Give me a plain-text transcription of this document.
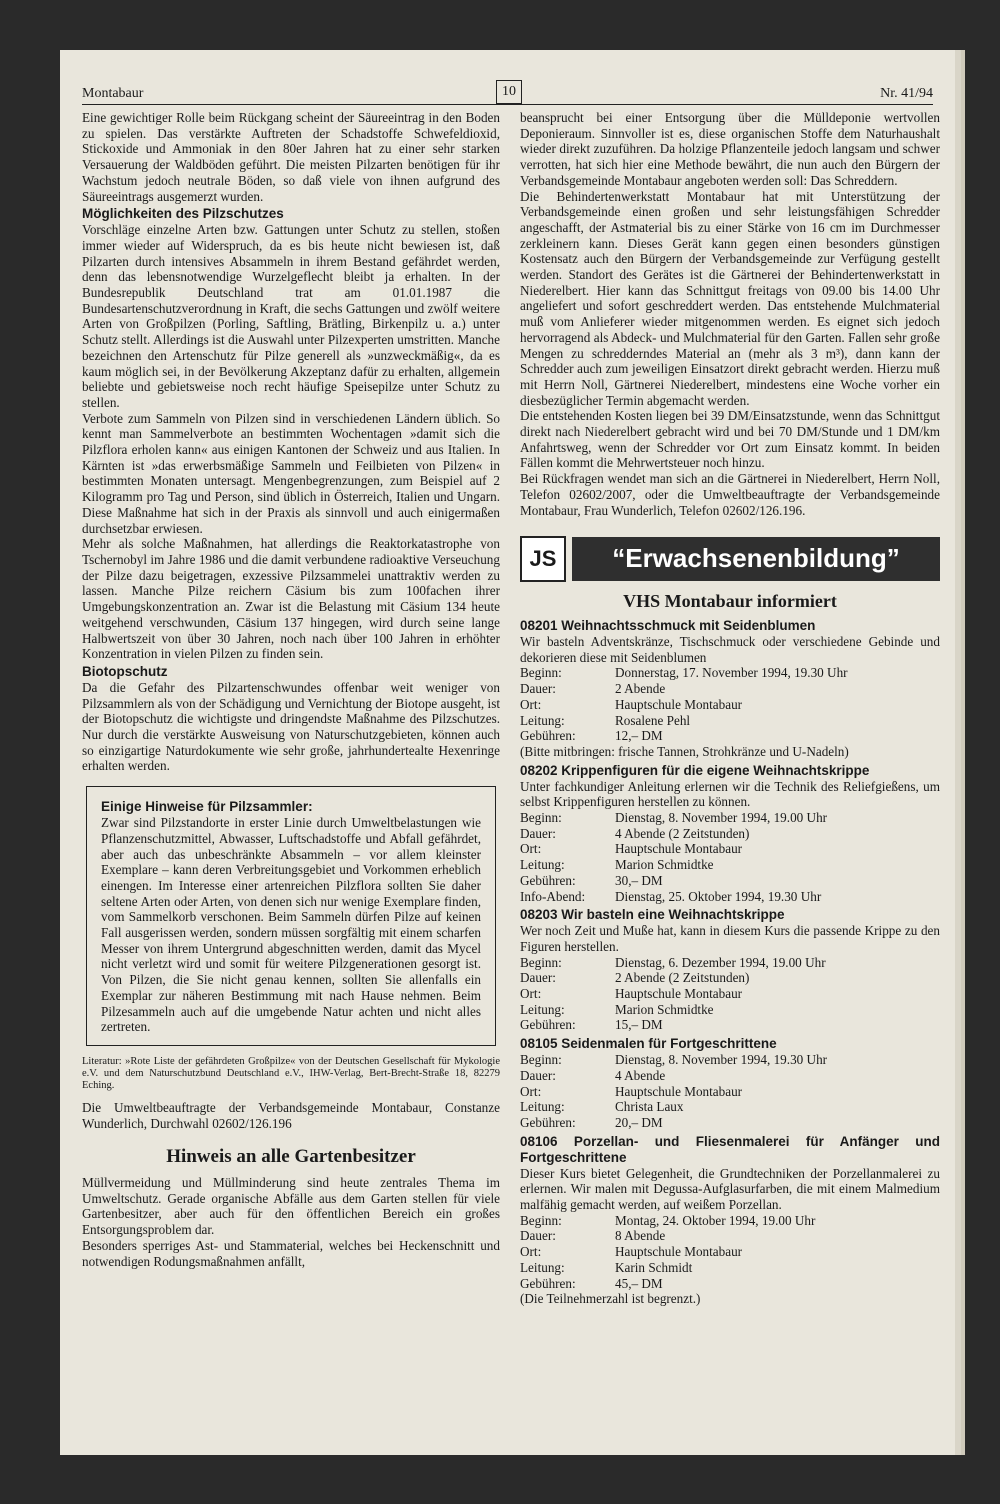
Montabaur	10	Nr. 41/94

Eine gewichtiger Rolle beim Rückgang scheint der Säureeintrag in den Boden zu spielen. Das verstärkte Auftreten der Schadstoffe Schwefeldioxid, Stickoxide und Ammoniak in den 80er Jahren hat zu einer sehr starken Versauerung der Waldböden geführt. Die meisten Pilzarten benötigen für ihr Wachstum jedoch neutrale Böden, so daß viele von ihnen aufgrund des Säureeintrags ausgemerzt wurden.

Möglichkeiten des Pilzschutzes

Vorschläge einzelne Arten bzw. Gattungen unter Schutz zu stellen, stoßen immer wieder auf Widerspruch, da es bis heute nicht bewiesen ist, daß Pilzarten durch intensives Absammeln in ihrem Bestand gefährdet werden, denn das lebensnotwendige Wurzelgeflecht bleibt ja erhalten. In der Bundesrepublik Deutschland trat am 01.01.1987 die Bundesartenschutzverordnung in Kraft, die sechs Gattungen und zwölf weitere Arten von Großpilzen (Porling, Saftling, Brätling, Birkenpilz u. a.) unter Schutz stellt. Allerdings ist die Auswahl unter Pilzexperten umstritten. Manche bezeichnen den Artenschutz für Pilze generell als »unzweckmäßig«, da es kaum möglich sei, in der Bevölkerung Akzeptanz dafür zu erhalten, allgemein beliebte und gebietsweise noch recht häufige Speisepilze unter Schutz zu stellen.

Verbote zum Sammeln von Pilzen sind in verschiedenen Ländern üblich. So kennt man Sammelverbote an bestimmten Wochentagen »damit sich die Pilzflora erholen kann« aus einigen Kantonen der Schweiz und aus Italien. In Kärnten ist »das erwerbsmäßige Sammeln und Feilbieten von Pilzen« in bestimmten Monaten untersagt. Mengenbegrenzungen, zum Beispiel auf 2 Kilogramm pro Tag und Person, sind üblich in Österreich, Italien und Ungarn. Diese Maßnahme hat sich in der Praxis als sinnvoll und auch einigermaßen durchsetzbar erwiesen.

Mehr als solche Maßnahmen, hat allerdings die Reaktorkatastrophe von Tschernobyl im Jahre 1986 und die damit verbundene radioaktive Verseuchung der Pilze dazu beigetragen, exzessive Pilzsammelei unattraktiv werden zu lassen. Manche Pilze reichern Cäsium bis zum 100fachen ihrer Umgebungskonzentration an. Zwar ist die Belastung mit Cäsium 134 heute weitgehend verschwunden, Cäsium 137 hingegen, wird durch seine lange Halbwertszeit von über 30 Jahren, noch nach über 100 Jahren in erhöhter Konzentration in vielen Pilzen zu finden sein.

Biotopschutz

Da die Gefahr des Pilzartenschwundes offenbar weit weniger von Pilzsammlern als von der Schädigung und Vernichtung der Biotope ausgeht, ist der Biotopschutz die wichtigste und dringendste Maßnahme des Pilzschutzes. Nur durch die verstärkte Ausweisung von Naturschutzgebieten, können auch so einzigartige Naturdokumente wie sehr große, jahrhundertealte Hexenringe erhalten werden.

Einige Hinweise für Pilzsammler:

Zwar sind Pilzstandorte in erster Linie durch Umweltbelastungen wie Pflanzenschutzmittel, Abwasser, Luftschadstoffe und Abfall gefährdet, aber auch das unbeschränkte Absammeln – vor allem kleinster Exemplare – kann deren Verbreitungsgebiet und Vorkommen erheblich einengen. Im Interesse einer artenreichen Pilzflora sollten Sie daher seltene Arten oder Arten, von denen sich nur wenige Exemplare finden, vom Sammelkorb verschonen. Beim Sammeln dürfen Pilze auf keinen Fall ausgerissen werden, sondern müssen sorgfältig mit einem scharfen Messer von ihrem Untergrund abgeschnitten werden, damit das Mycel nicht verletzt wird und somit für weitere Pilzgenerationen gesorgt ist. Von Pilzen, die Sie nicht genau kennen, sollten Sie allenfalls ein Exemplar zur näheren Bestimmung mit nach Hause nehmen. Beim Pilzesammeln auch auf die umgebende Natur achten und nicht alles zertreten.

Literatur: »Rote Liste der gefährdeten Großpilze« von der Deutschen Gesellschaft für Mykologie e.V. und dem Naturschutzbund Deutschland e.V., IHW-Verlag, Bert-Brecht-Straße 18, 82279 Eching.

Die Umweltbeauftragte der Verbandsgemeinde Montabaur, Constanze Wunderlich, Durchwahl 02602/126.196

Hinweis an alle Gartenbesitzer

Müllvermeidung und Müllminderung sind heute zentrales Thema im Umweltschutz. Gerade organische Abfälle aus dem Garten stellen für viele Gartenbesitzer, aber auch für den öffentlichen Bereich ein großes Entsorgungsproblem dar.

Besonders sperriges Ast- und Stammaterial, welches bei Heckenschnitt und notwendigen Rodungsmaßnahmen anfällt,

beansprucht bei einer Entsorgung über die Mülldeponie wertvollen Deponieraum. Sinnvoller ist es, diese organischen Stoffe dem Naturhaushalt wieder direkt zuzuführen. Da holzige Pflanzenteile jedoch langsam und schwer verrotten, hat sich hier eine Methode bewährt, die nun auch den Bürgern der Verbandsgemeinde Montabaur angeboten werden soll: Das Schreddern.

Die Behindertenwerkstatt Montabaur hat mit Unterstützung der Verbandsgemeinde einen großen und sehr leistungsfähigen Schredder angeschafft, der Astmaterial bis zu einer Stärke von 16 cm im Durchmesser zerkleinern kann. Dieses Gerät kann gegen einen besonders günstigen Kostensatz auch den Bürgern der Verbandsgemeinde zur Verfügung gestellt werden. Standort des Gerätes ist die Gärtnerei der Behindertenwerkstatt in Niederelbert. Hier kann das Schnittgut freitags von 09.00 bis 14.00 Uhr angeliefert und sofort geschreddert werden. Das entstehende Mulchmaterial muß vom Anlieferer wieder mitgenommen werden. Es eignet sich jedoch hervorragend als Abdeck- und Mulchmaterial für den Garten. Fallen sehr große Mengen zu schredderndes Material an (mehr als 3 m³), dann kann der Schredder auch zum jeweiligen Einsatzort direkt gebracht werden. Hierzu muß mit Herrn Noll, Gärtnerei Niederelbert, mindestens eine Woche vorher ein diesbezüglicher Termin abgemacht werden.

Die entstehenden Kosten liegen bei 39 DM/Einsatzstunde, wenn das Schnittgut direkt nach Niederelbert gebracht wird und bei 70 DM/Stunde und 1 DM/km Anfahrtsweg, wenn der Schredder vor Ort zum Einsatz kommt. In beiden Fällen kommt die Mehrwertsteuer noch hinzu.

Bei Rückfragen wendet man sich an die Gärtnerei in Niederelbert, Herrn Noll, Telefon 02602/2007, oder die Umweltbeauftragte der Verbandsgemeinde Montabaur, Frau Wunderlich, Telefon 02602/126.196.

JS	“Erwachsenenbildung”
VHS Montabaur informiert
08201 Weihnachtsschmuck mit Seidenblumen

Wir basteln Adventskränze, Tischschmuck oder verschiedene Gebinde und dekorieren diese mit Seidenblumen

Beginn:	Donnerstag, 17. November 1994, 19.30 Uhr
Dauer:	2 Abende
Ort:	Hauptschule Montabaur
Leitung:	Rosalene Pehl
Gebühren:	12,– DM

(Bitte mitbringen: frische Tannen, Strohkränze und U-Nadeln)

08202 Krippenfiguren für die eigene Weihnachtskrippe

Unter fachkundiger Anleitung erlernen wir die Technik des Reliefgießens, um selbst Krippenfiguren herstellen zu können.

Beginn:	Dienstag, 8. November 1994, 19.00 Uhr
Dauer:	4 Abende (2 Zeitstunden)
Ort:	Hauptschule Montabaur
Leitung:	Marion Schmidtke
Gebühren:	30,– DM
Info-Abend:	Dienstag, 25. Oktober 1994, 19.30 Uhr
08203 Wir basteln eine Weihnachtskrippe

Wer noch Zeit und Muße hat, kann in diesem Kurs die passende Krippe zu den Figuren herstellen.

Beginn:	Dienstag, 6. Dezember 1994, 19.00 Uhr
Dauer:	2 Abende (2 Zeitstunden)
Ort:	Hauptschule Montabaur
Leitung:	Marion Schmidtke
Gebühren:	15,– DM
08105 Seidenmalen für Fortgeschrittene
Beginn:	Dienstag, 8. November 1994, 19.30 Uhr
Dauer:	4 Abende
Ort:	Hauptschule Montabaur
Leitung:	Christa Laux
Gebühren:	20,– DM
08106 Porzellan- und Fliesenmalerei für Anfänger und Fortgeschrittene

Dieser Kurs bietet Gelegenheit, die Grundtechniken der Porzellanmalerei zu erlernen. Wir malen mit Degussa-Aufglasurfarben, die mit einem Malmedium malfähig gemacht werden, auf weißem Porzellan.

Beginn:	Montag, 24. Oktober 1994, 19.00 Uhr
Dauer:	8 Abende
Ort:	Hauptschule Montabaur
Leitung:	Karin Schmidt
Gebühren:	45,– DM

(Die Teilnehmerzahl ist begrenzt.)
